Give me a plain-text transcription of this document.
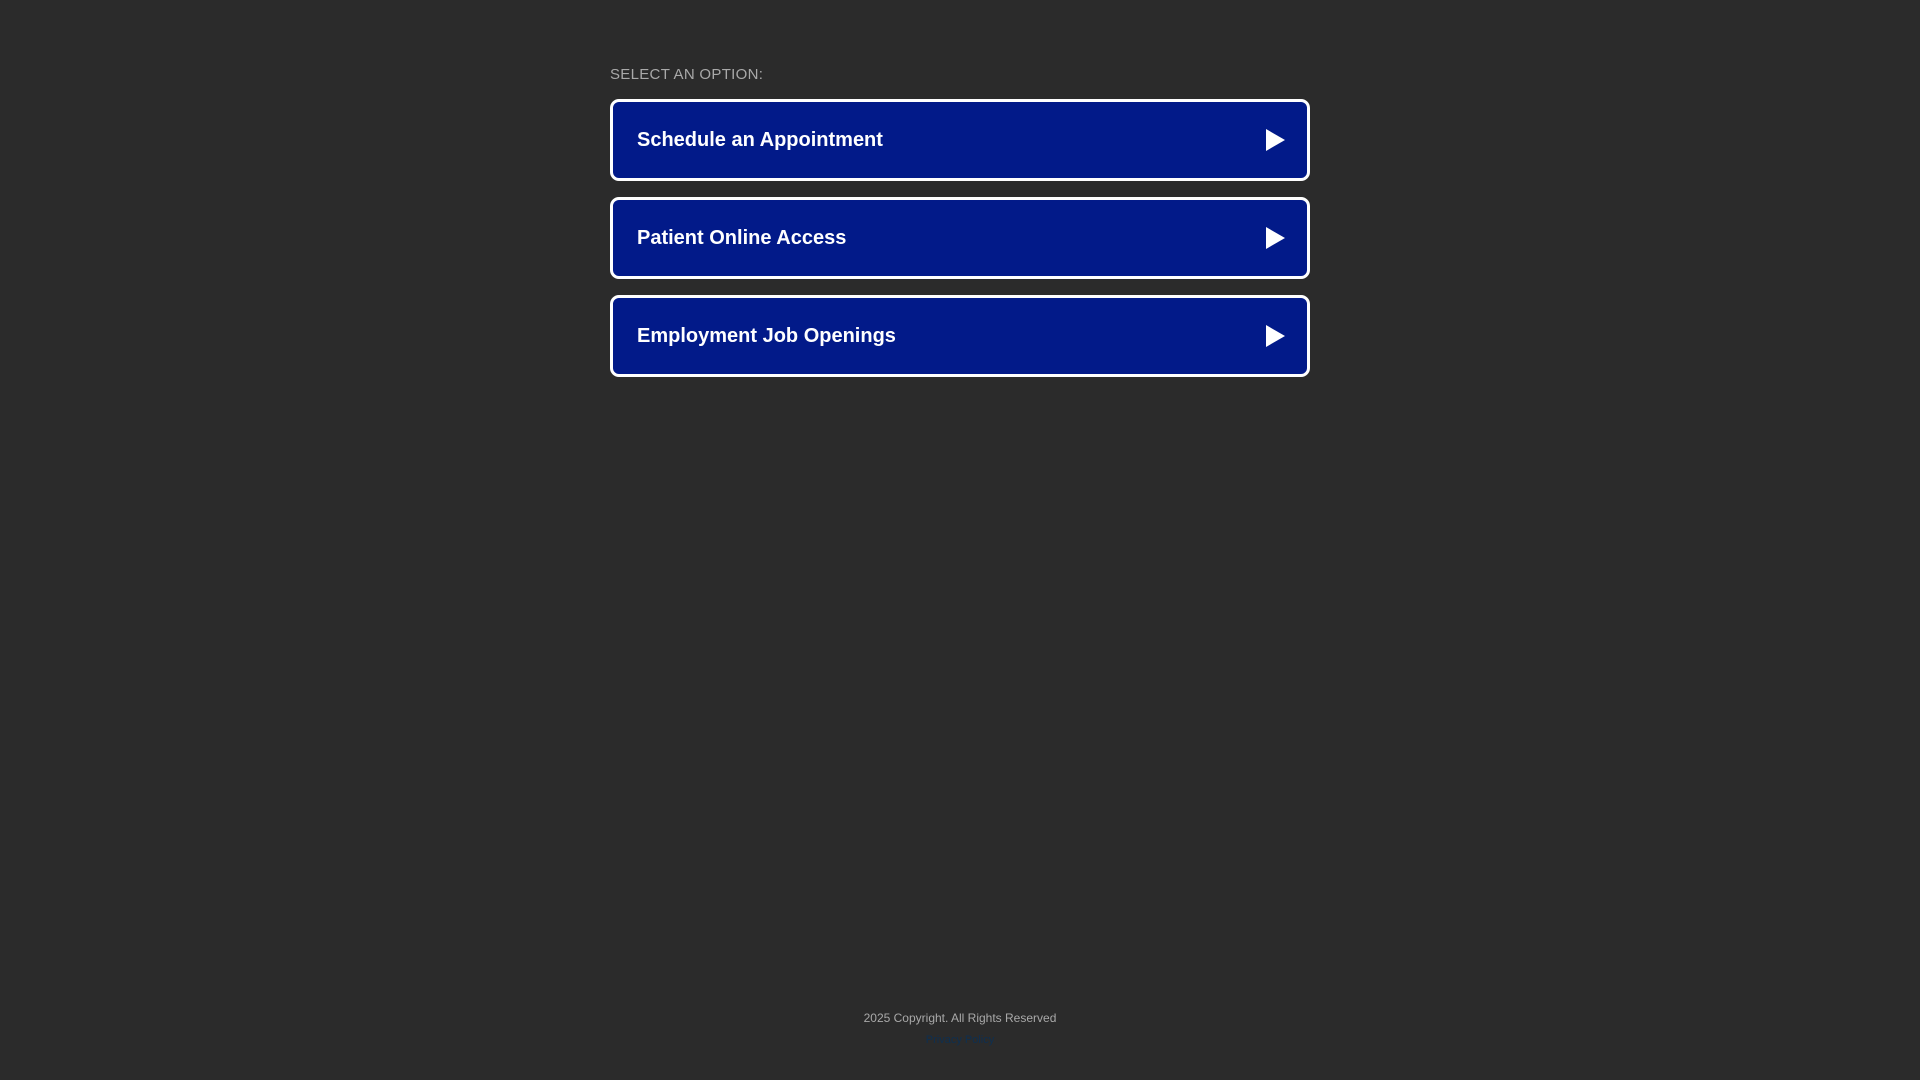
SELECT AN OPTION:
Schedule an Appointment
Patient Online Access
Employment Job Openings
2025 Copyright. All Rights Reserved
Privacy Policy
